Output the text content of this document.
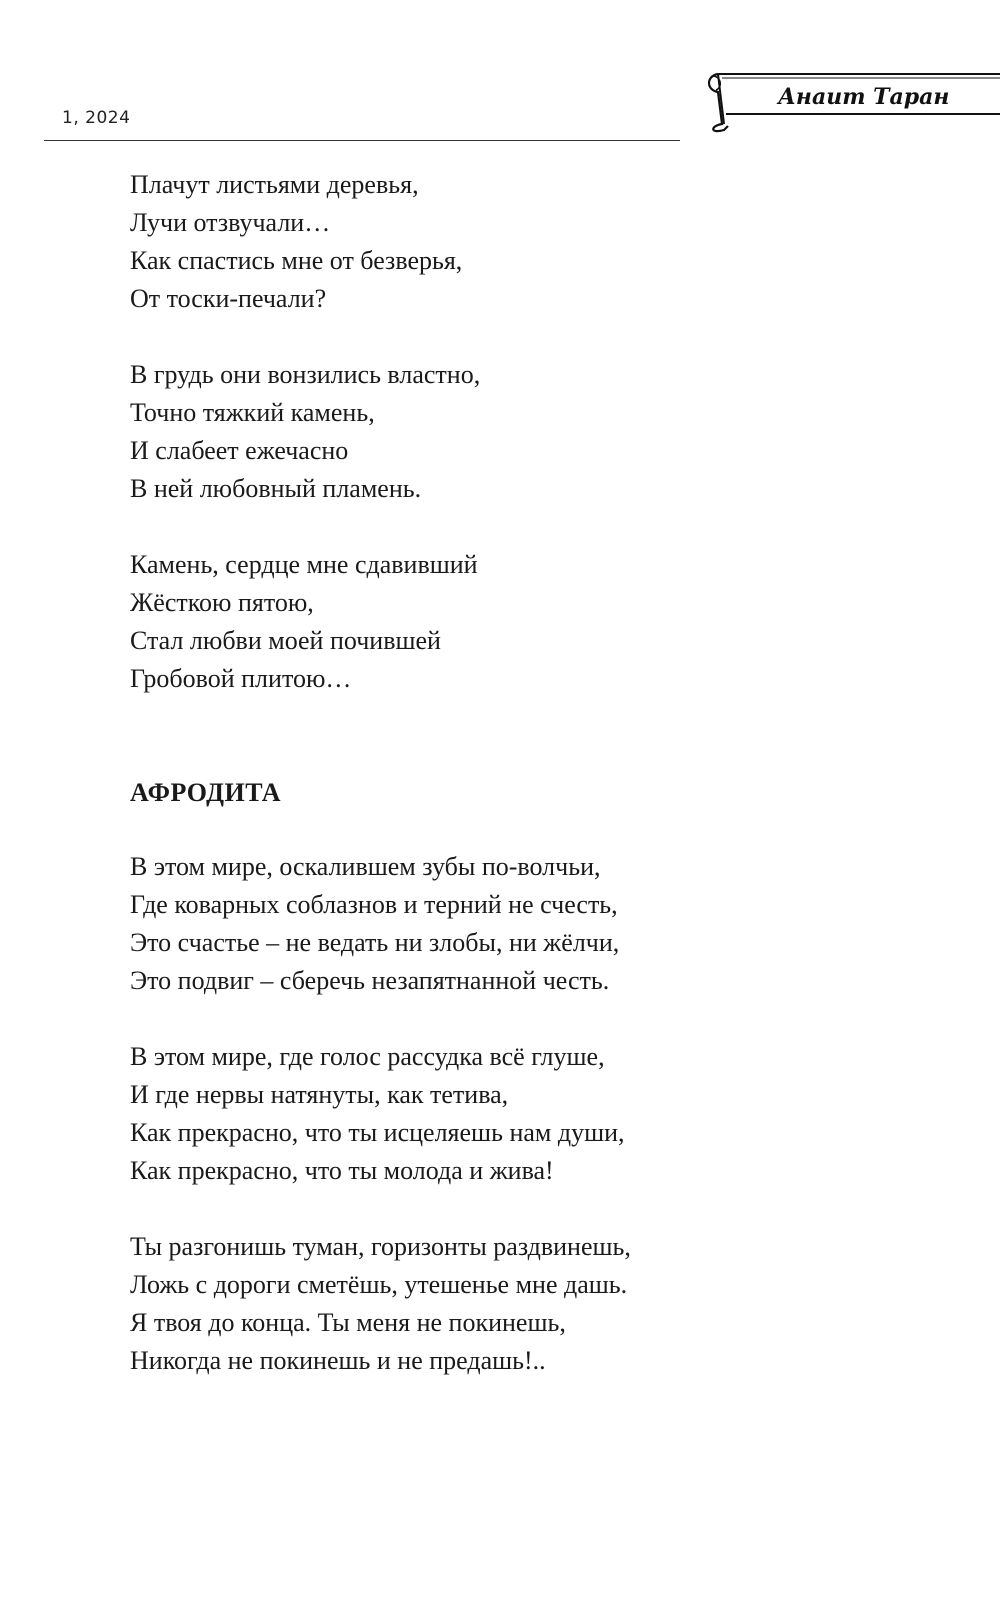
1, 2024
Анаит Таран
Плачут листьями деревья,
Лучи отзвучали…
Как спастись мне от безверья,
От тоски-печали?
В грудь они вонзились властно,
Точно тяжкий камень,
И слабеет ежечасно
В ней любовный пламень.
Камень, сердце мне сдавивший
Жёсткою пятою,
Стал любви моей почившей
Гробовой плитою…
АФРОДИТА
В этом мире, оскалившем зубы по-волчьи,
Где коварных соблазнов и терний не счесть,
Это счастье – не ведать ни злобы, ни жёлчи,
Это подвиг – сберечь незапятнанной честь.
В этом мире, где голос рассудка всё глуше,
И где нервы натянуты, как тетива,
Как прекрасно, что ты исцеляешь нам души,
Как прекрасно, что ты молода и жива!
Ты разгонишь туман, горизонты раздвинешь,
Ложь с дороги сметёшь, утешенье мне дашь.
Я твоя до конца. Ты меня не покинешь,
Никогда не покинешь и не предашь!..
